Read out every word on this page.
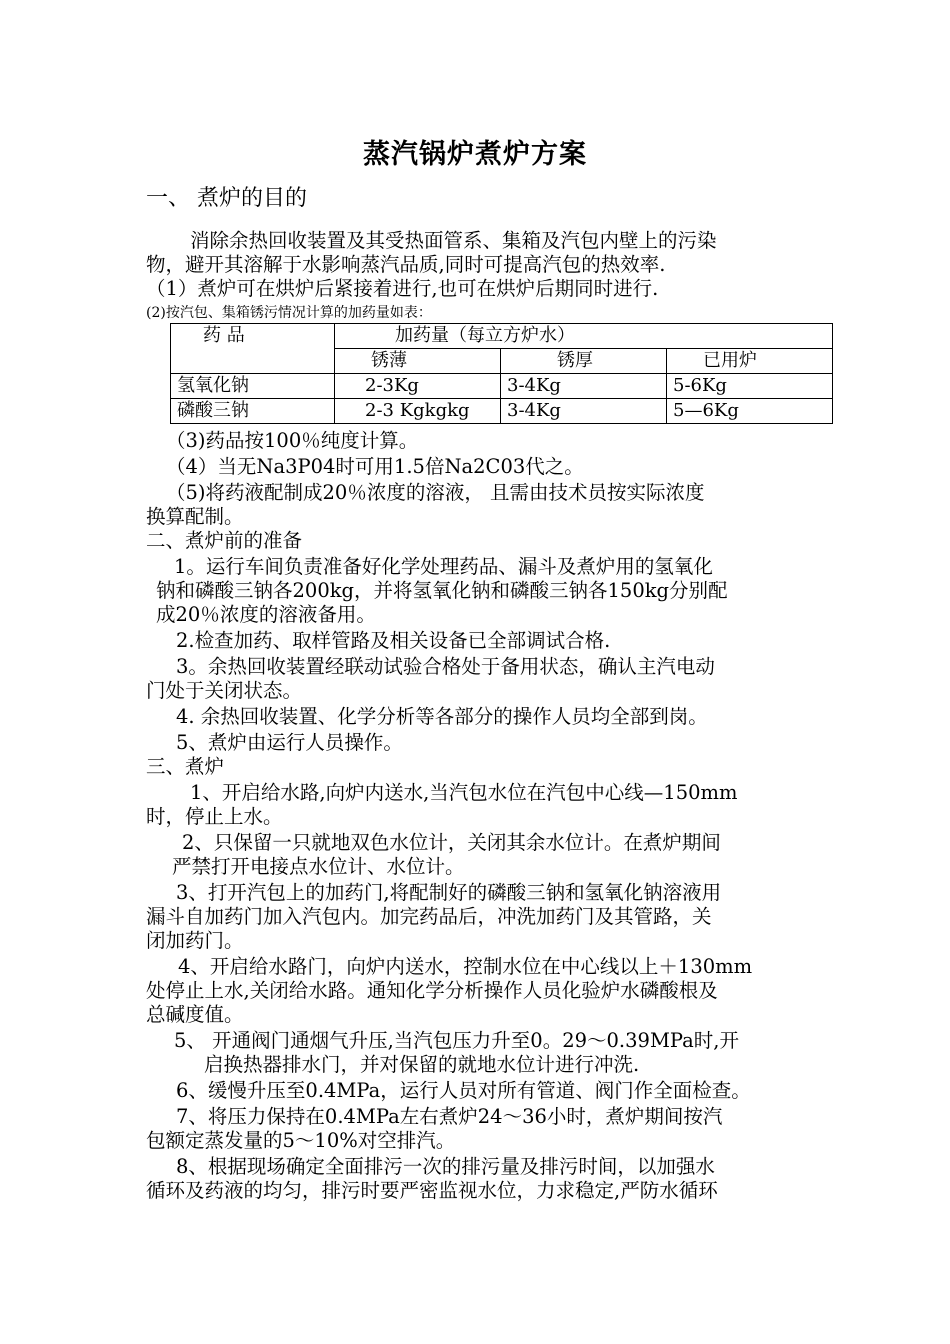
蒸汽锅炉煮炉方案
一、 煮炉的目的
消除余热回收装置及其受热面管系、集箱及汽包内壁上的污染
物，避开其溶解于水影响蒸汽品质,同时可提高汽包的热效率.
（1）煮炉可在烘炉后紧接着进行,也可在烘炉后期同时进行.
(2)按汽包、集箱锈污情况计算的加药量如表：
药 品	加药量（每立方炉水）		
	锈薄	锈厚	已用炉
氢氧化钠	2-3Kg	3-4Kg	5-6Kg
磷酸三钠	2-3 Kgkgkg	3-4Kg	5—6Kg
（3)药品按100％纯度计算。
（4）当无Na3P04时可用1.5倍Na2C03代之。
（5)将药液配制成20％浓度的溶液， 且需由技术员按实际浓度
换算配制。
二、煮炉前的准备
1。运行车间负责准备好化学处理药品、漏斗及煮炉用的氢氧化
钠和磷酸三钠各200kg，并将氢氧化钠和磷酸三钠各150kg分别配
成20％浓度的溶液备用。
2.检查加药、取样管路及相关设备已全部调试合格.
3。余热回收装置经联动试验合格处于备用状态，确认主汽电动
门处于关闭状态。
4. 余热回收装置、化学分析等各部分的操作人员均全部到岗。
5、煮炉由运行人员操作。
三、煮炉
1、开启给水路,向炉内送水,当汽包水位在汽包中心线—150mm
时，停止上水。
2、只保留一只就地双色水位计，关闭其余水位计。在煮炉期间
严禁打开电接点水位计、水位计。
3、打开汽包上的加药门,将配制好的磷酸三钠和氢氧化钠溶液用
漏斗自加药门加入汽包内。加完药品后，冲洗加药门及其管路，关
闭加药门。
4、开启给水路门，向炉内送水，控制水位在中心线以上＋130mm
处停止上水,关闭给水路。通知化学分析操作人员化验炉水磷酸根及
总碱度值。
5、 开通阀门通烟气升压,当汽包压力升至0。29～0.39MPa时,开
启换热器排水门，并对保留的就地水位计进行冲洗.
6、缓慢升压至0.4MPa，运行人员对所有管道、阀门作全面检查。
7、将压力保持在0.4MPa左右煮炉24～36小时，煮炉期间按汽
包额定蒸发量的5～10%对空排汽。
8、根据现场确定全面排污一次的排污量及排污时间，以加强水
循环及药液的均匀，排污时要严密监视水位，力求稳定,严防水循环
